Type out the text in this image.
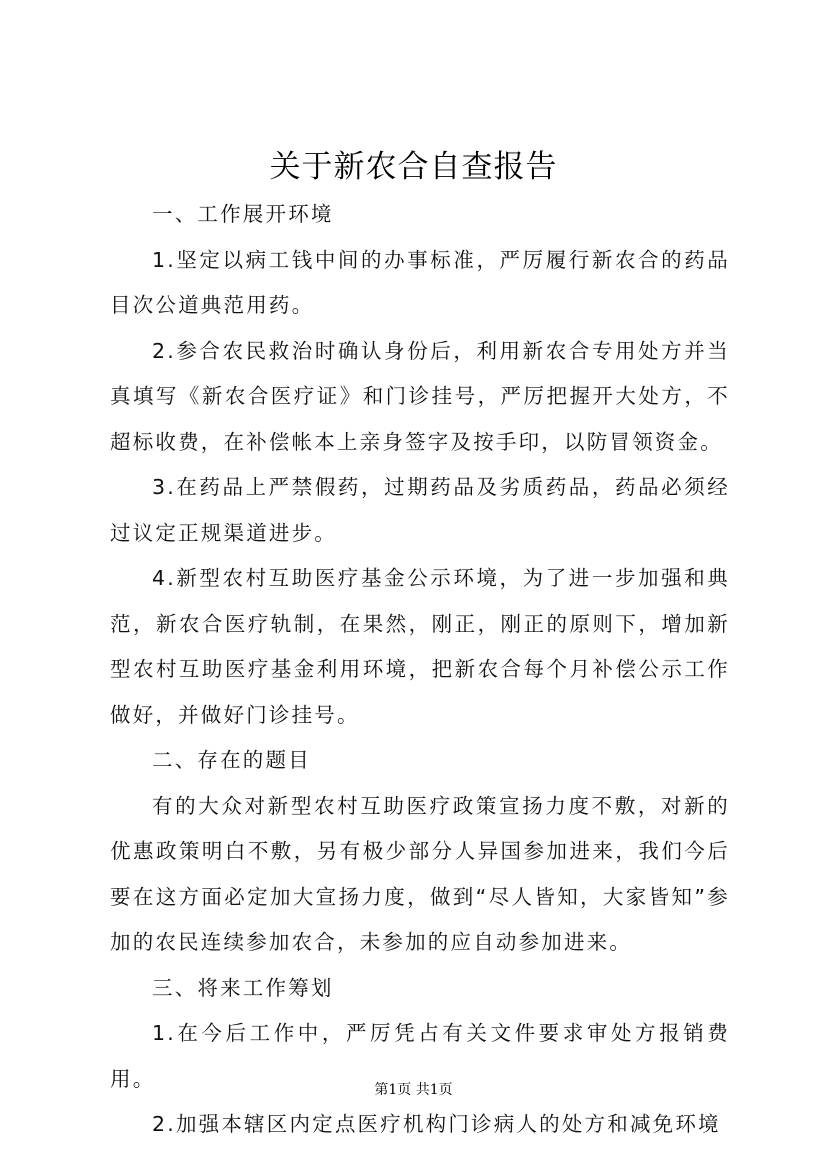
关于新农合自查报告

一、工作展开环境

1.坚定以病工钱中间的办事标准，严厉履行新农合的药品目次公道典范用药。

2.参合农民救治时确认身份后，利用新农合专用处方并当真填写《新农合医疗证》和门诊挂号，严厉把握开大处方，不超标收费，在补偿帐本上亲身签字及按手印，以防冒领资金。

3.在药品上严禁假药，过期药品及劣质药品，药品必须经过议定正规渠道进步。

4.新型农村互助医疗基金公示环境，为了进一步加强和典范，新农合医疗轨制，在果然，刚正，刚正的原则下，增加新型农村互助医疗基金利用环境，把新农合每个月补偿公示工作做好，并做好门诊挂号。

二、存在的题目

有的大众对新型农村互助医疗政策宣扬力度不敷，对新的优惠政策明白不敷，另有极少部分人异国参加进来，我们今后要在这方面必定加大宣扬力度，做到“尽人皆知，大家皆知”参加的农民连续参加农合，未参加的应自动参加进来。

三、将来工作筹划

1.在今后工作中，严厉凭占有关文件要求审处方报销费用。

2.加强本辖区内定点医疗机构门诊病人的处方和减免环境

第1页 共1页
